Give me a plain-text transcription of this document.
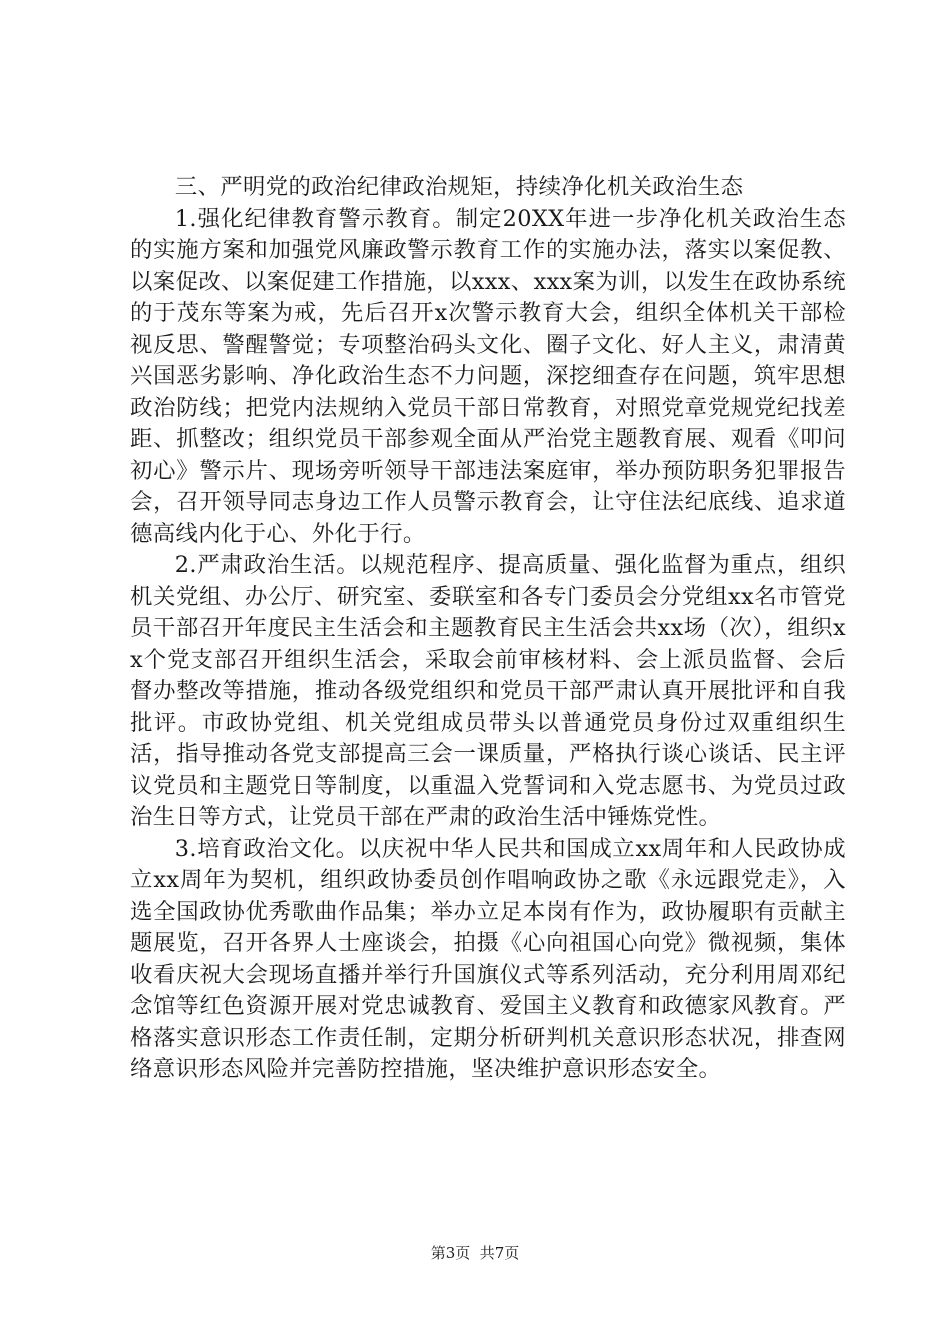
三、严明党的政治纪律政治规矩，持续净化机关政治生态

1.强化纪律教育警示教育。制定20XX年进一步净化机关政治生态的实施方案和加强党风廉政警示教育工作的实施办法，落实以案促教、以案促改、以案促建工作措施，以xxx、xxx案为训，以发生在政协系统的于茂东等案为戒，先后召开x次警示教育大会，组织全体机关干部检视反思、警醒警觉；专项整治码头文化、圈子文化、好人主义，肃清黄兴国恶劣影响、净化政治生态不力问题，深挖细查存在问题，筑牢思想政治防线；把党内法规纳入党员干部日常教育，对照党章党规党纪找差距、抓整改；组织党员干部参观全面从严治党主题教育展、观看《叩问初心》警示片、现场旁听领导干部违法案庭审，举办预防职务犯罪报告会，召开领导同志身边工作人员警示教育会，让守住法纪底线、追求道德高线内化于心、外化于行。

2.严肃政治生活。以规范程序、提高质量、强化监督为重点，组织机关党组、办公厅、研究室、委联室和各专门委员会分党组xx名市管党员干部召开年度民主生活会和主题教育民主生活会共xx场（次），组织xx个党支部召开组织生活会，采取会前审核材料、会上派员监督、会后督办整改等措施，推动各级党组织和党员干部严肃认真开展批评和自我批评。市政协党组、机关党组成员带头以普通党员身份过双重组织生活，指导推动各党支部提高三会一课质量，严格执行谈心谈话、民主评议党员和主题党日等制度，以重温入党誓词和入党志愿书、为党员过政治生日等方式，让党员干部在严肃的政治生活中锤炼党性。

3.培育政治文化。以庆祝中华人民共和国成立xx周年和人民政协成立xx周年为契机，组织政协委员创作唱响政协之歌《永远跟党走》，入选全国政协优秀歌曲作品集；举办立足本岗有作为，政协履职有贡献主题展览，召开各界人士座谈会，拍摄《心向祖国心向党》微视频，集体收看庆祝大会现场直播并举行升国旗仪式等系列活动，充分利用周邓纪念馆等红色资源开展对党忠诚教育、爱国主义教育和政德家风教育。严格落实意识形态工作责任制，定期分析研判机关意识形态状况，排查网络意识形态风险并完善防控措施，坚决维护意识形态安全。

第3页  共7页
